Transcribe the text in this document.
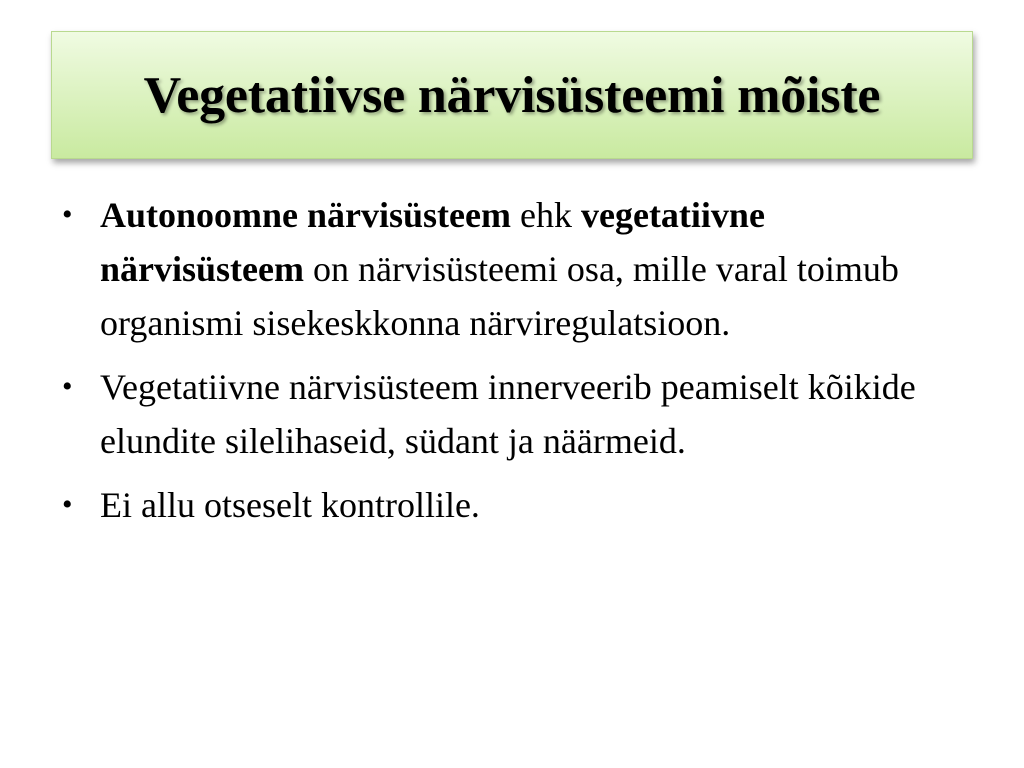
Vegetatiivse närvisüsteemi mõiste
• Autonoomne närvisüsteem ehk vegetatiivne närvisüsteem on närvisüsteemi osa, mille varal toimub organismi sisekeskkonna närviregulatsioon.
• Vegetatiivne närvisüsteem innerveerib peamiselt kõikide elundite silelihaseid, südant ja näärmeid.
• Ei allu otseselt kontrollile.
